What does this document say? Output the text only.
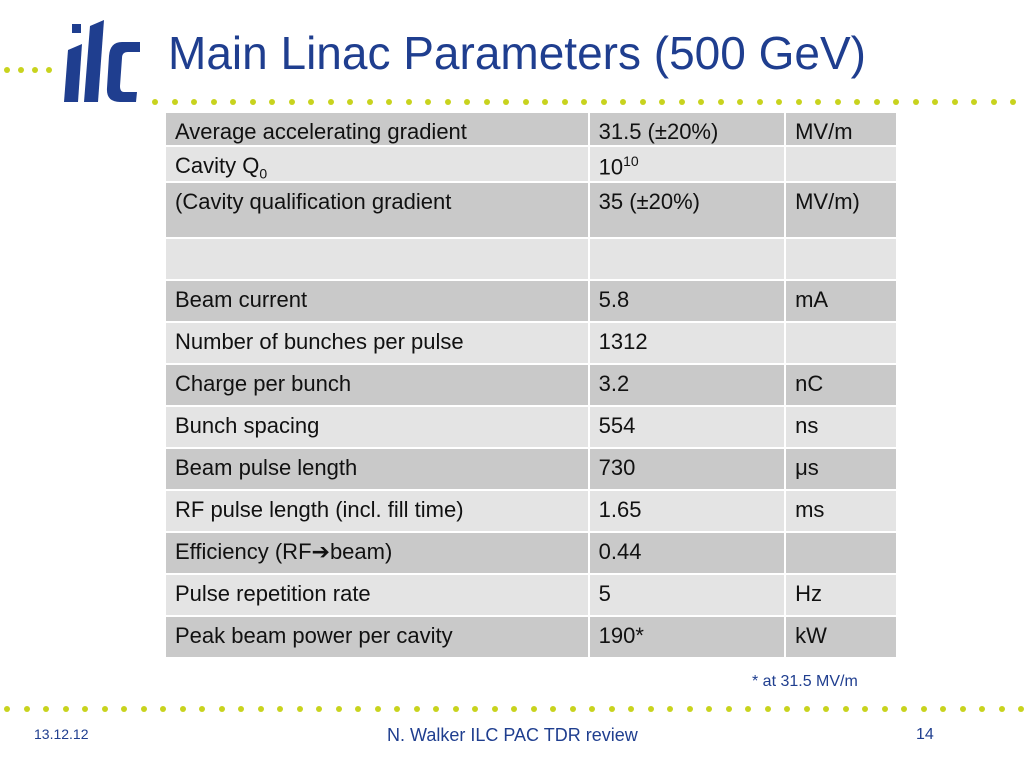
Main Linac Parameters (500 GeV)
Average accelerating gradient	31.5 (±20%)	MV/m
Cavity $Q_0$	$10^{10}$	
(Cavity qualification gradient	35 (±20%)	MV/m)

Beam current	5.8	mA
Number of bunches per pulse	1312	
Charge per bunch	3.2	nC
Bunch spacing	554	ns
Beam pulse length	730	μs
RF pulse length (incl. fill time)	1.65	ms
Efficiency (RF➔beam)	0.44	
Pulse repetition rate	5	Hz
Peak beam power per cavity	190*	kW
* at 31.5 MV/m
13.12.12	N. Walker ILC PAC TDR review	14
